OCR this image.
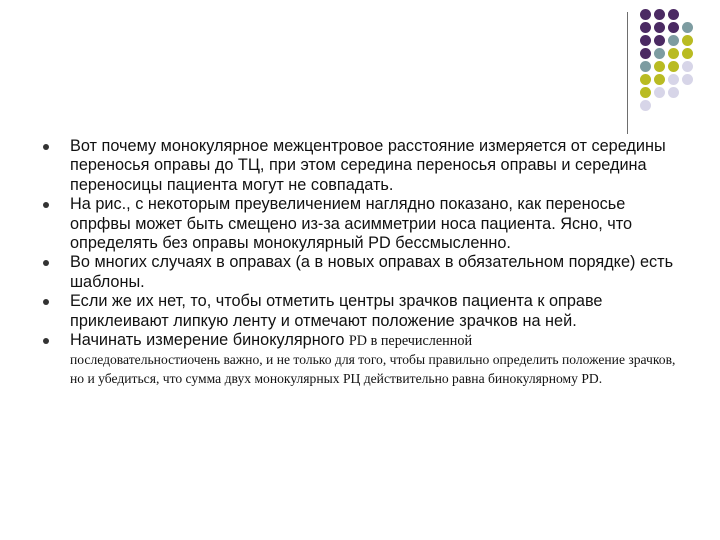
Вот почему монокулярное межцентровое расстояние измеряется от середины переносья оправы до ТЦ, при этом середина переносья оправы и середина переносицы пациента могут не совпадать.
На рис., с некоторым преувеличением наглядно показано, как переносье опрфвы может быть смещено из-за асимметрии носа пациента. Ясно, что определять без оправы монокулярный PD бессмысленно.
Во многих случаях в оправах (а в новых оправах в обязательном порядке) есть шаблоны.
Если же их нет, то, чтобы отметить центры зрачков пациента к оправе приклеивают липкую ленту и отмечают положение зрачков на ней.
Начинать измерение бинокулярного PD в перечисленной
последовательностиочень важно, и не только для того, чтобы правильно определить положение зрачков, но и убедиться, что сумма двух монокулярных РЦ действительно равна бинокулярному PD.
